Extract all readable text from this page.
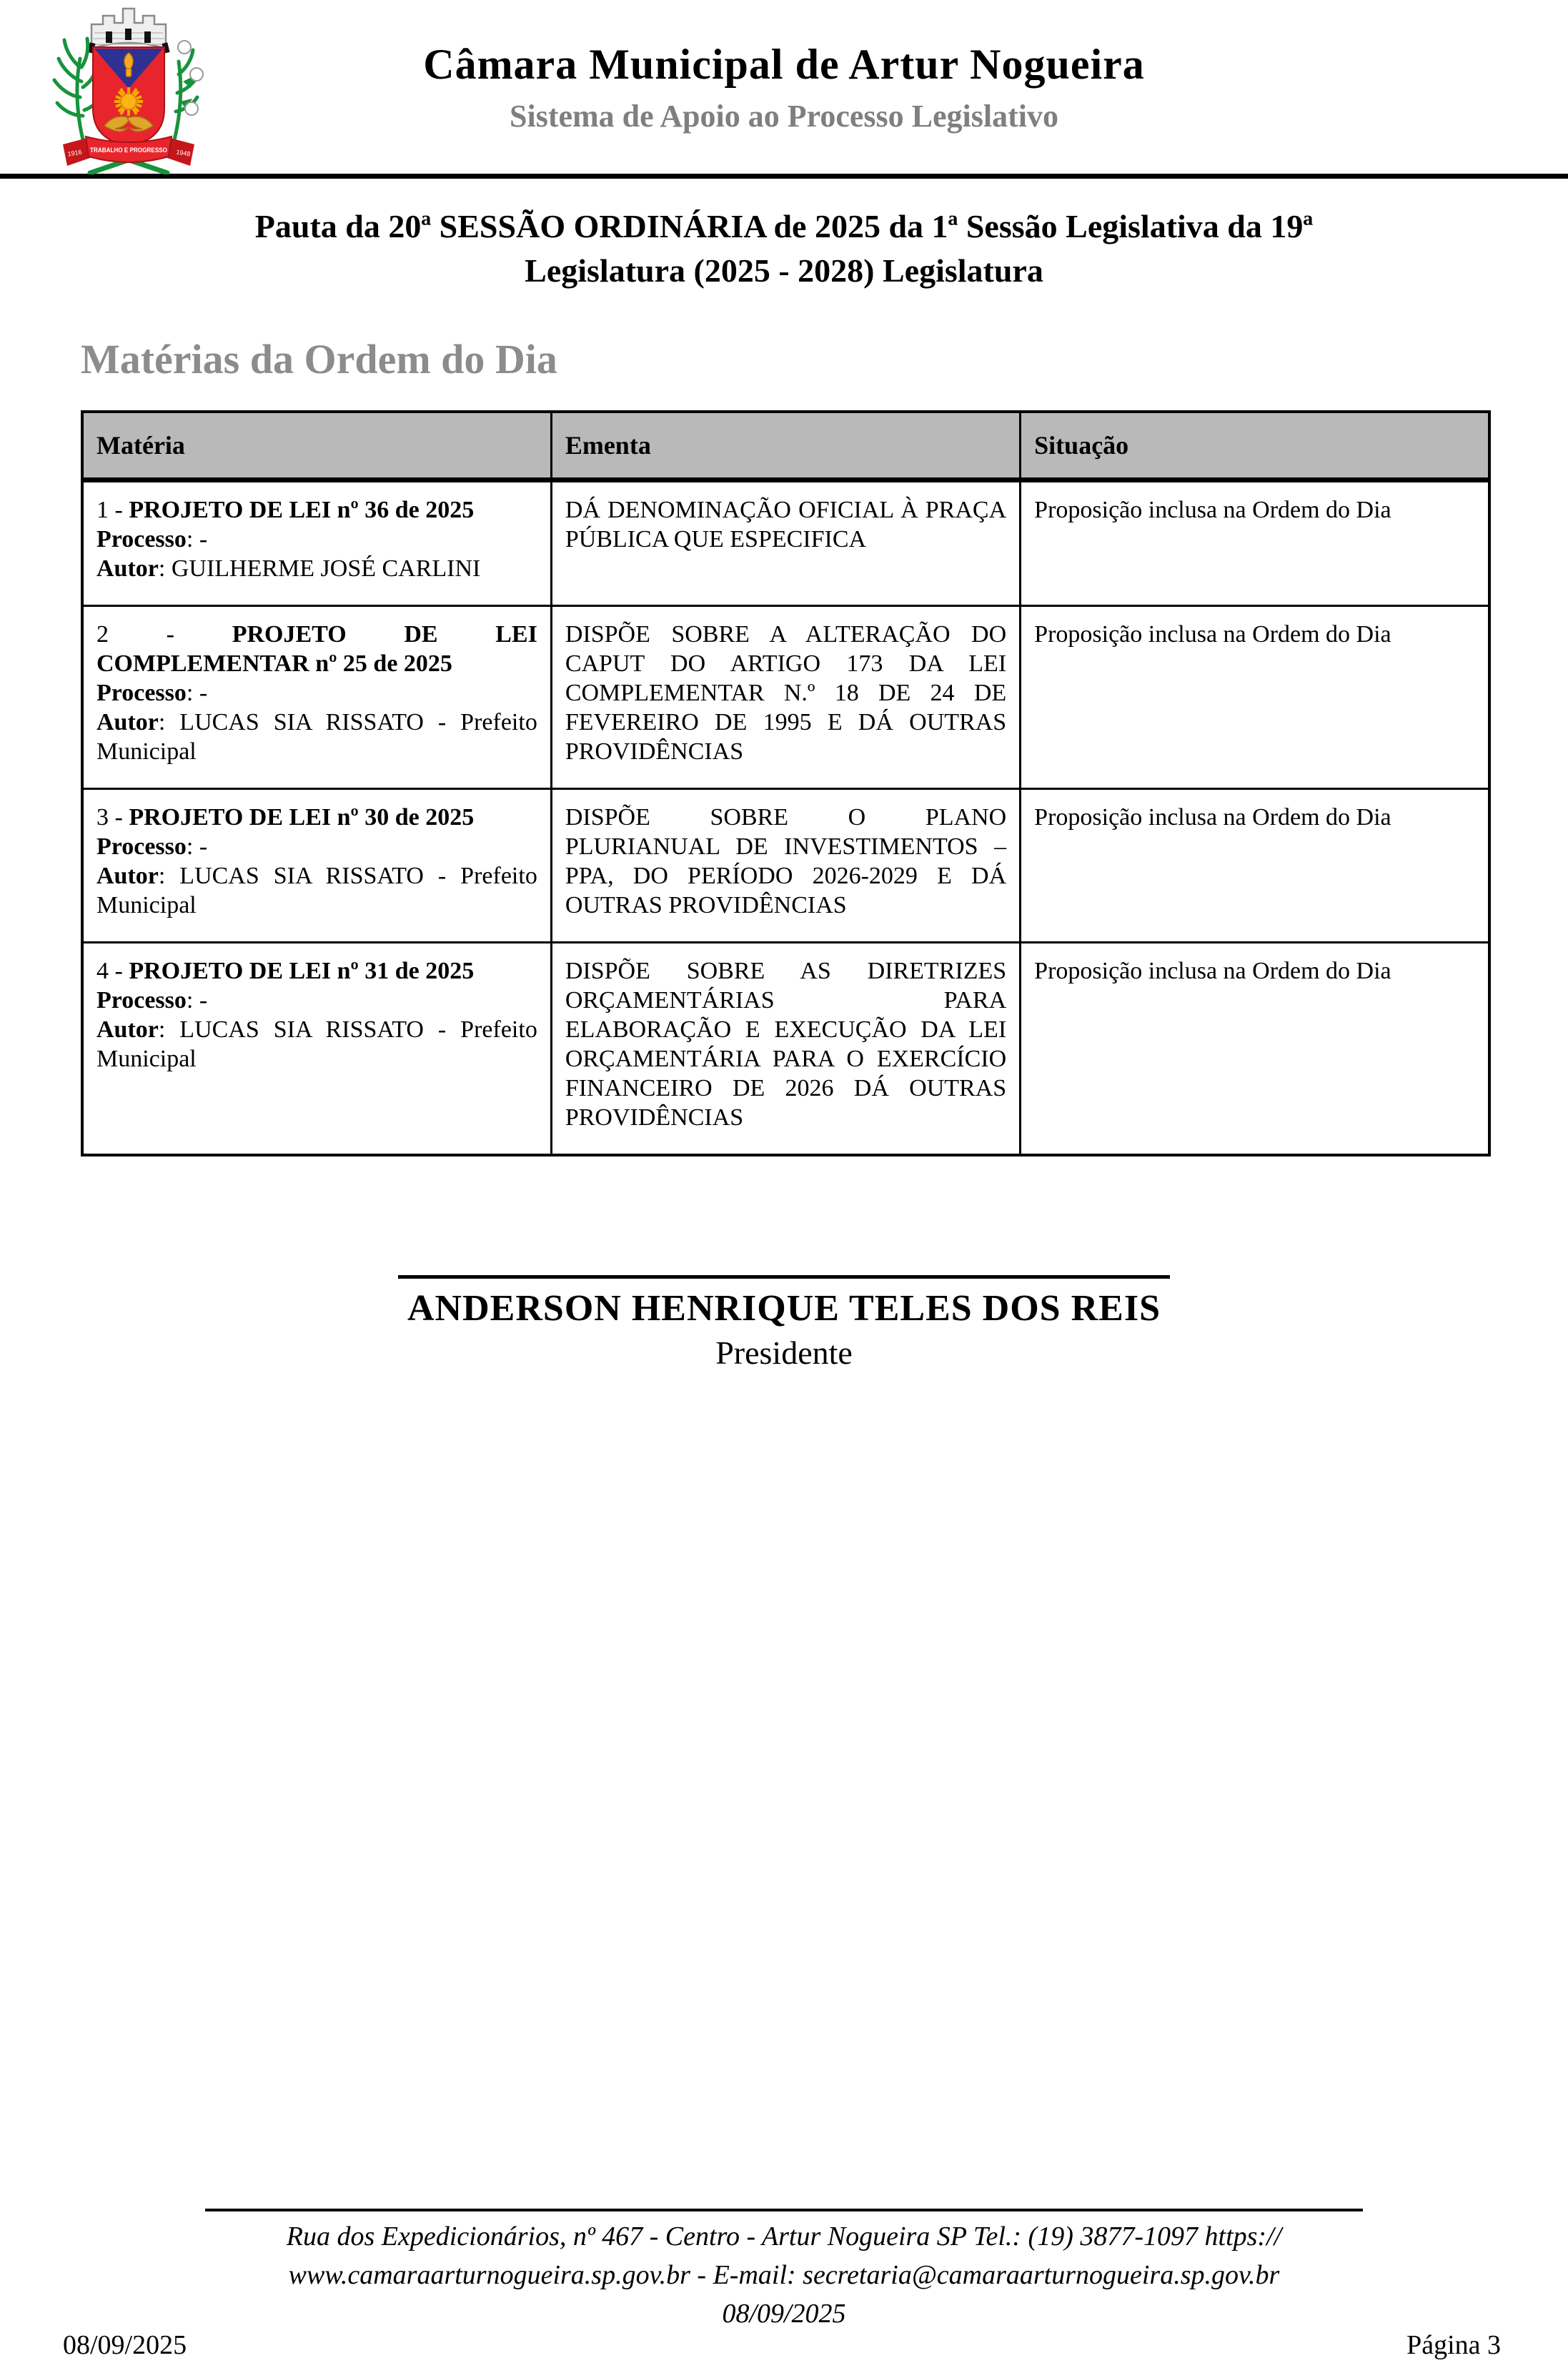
1916 TRABALHO E PROGRESSO 1948
Câmara Municipal de Artur Nogueira
Sistema de Apoio ao Processo Legislativo
Pauta da 20ª SESSÃO ORDINÁRIA de 2025 da 1ª Sessão Legislativa da 19ª
Legislatura (2025 - 2028) Legislatura
Matérias da Ordem do Dia
Matéria	Ementa	Situação
1 - PROJETO DE LEI nº 36 de 2025
Processo: -
Autor: GUILHERME JOSÉ CARLINI	DÁ DENOMINAÇÃO OFICIAL À PRAÇA PÚBLICA QUE ESPECIFICA	Proposição inclusa na Ordem do Dia
2 - PROJETO DE LEI COMPLEMENTAR nº 25 de 2025
Processo: -
Autor: LUCAS SIA RISSATO - Prefeito Municipal	DISPÕE SOBRE A ALTERAÇÃO DO CAPUT DO ARTIGO 173 DA LEI COMPLEMENTAR N.º 18 DE 24 DE FEVEREIRO DE 1995 E DÁ OUTRAS PROVIDÊNCIAS	Proposição inclusa na Ordem do Dia
3 - PROJETO DE LEI nº 30 de 2025
Processo: -
Autor: LUCAS SIA RISSATO - Prefeito Municipal	DISPÕE SOBRE O PLANO PLURIANUAL DE INVESTIMENTOS – PPA, DO PERÍODO 2026-2029 E DÁ OUTRAS PROVIDÊNCIAS	Proposição inclusa na Ordem do Dia
4 - PROJETO DE LEI nº 31 de 2025
Processo: -
Autor: LUCAS SIA RISSATO - Prefeito Municipal	DISPÕE SOBRE AS DIRETRIZES ORÇAMENTÁRIAS PARA ELABORAÇÃO E EXECUÇÃO DA LEI ORÇAMENTÁRIA PARA O EXERCÍCIO FINANCEIRO DE 2026 DÁ OUTRAS PROVIDÊNCIAS	Proposição inclusa na Ordem do Dia
ANDERSON HENRIQUE TELES DOS REIS
Presidente
Rua dos Expedicionários, nº 467 - Centro - Artur Nogueira SP Tel.: (19) 3877-1097 https://
www.camaraarturnogueira.sp.gov.br - E-mail: secretaria@camaraarturnogueira.sp.gov.br
08/09/2025
08/09/2025	Página 3
